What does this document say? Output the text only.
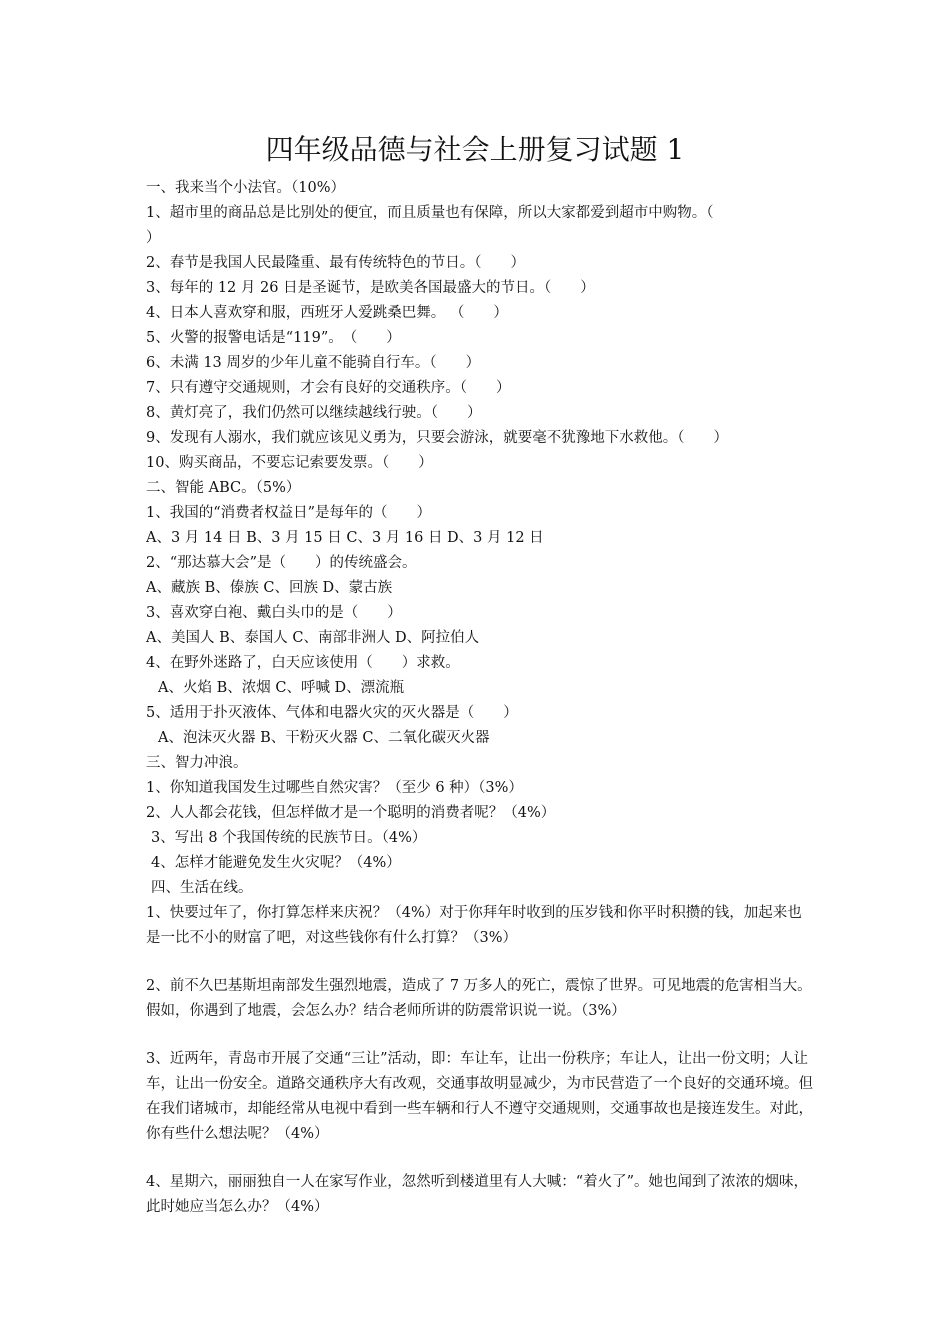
四年级品德与社会上册复习试题 1
一、我来当个小法官。（10%）
1、超市里的商品总是比别处的便宜，而且质量也有保障，所以大家都爱到超市中购物。（
）
2、春节是我国人民最隆重、最有传统特色的节日。（　　）
3、每年的 12 月 26 日是圣诞节，是欧美各国最盛大的节日。（　　）
4、日本人喜欢穿和服，西班牙人爱跳桑巴舞。 （　　）
5、火警的报警电话是“119”。　（　　）
6、未满 13 周岁的少年儿童不能骑自行车。（　　）
7、只有遵守交通规则，才会有良好的交通秩序。（　　）
8、黄灯亮了，我们仍然可以继续越线行驶。（　　）
9、发现有人溺水，我们就应该见义勇为，只要会游泳，就要毫不犹豫地下水救他。（　　）
10、购买商品，不要忘记索要发票。（　　）
二、智能 ABC。（5%）
1、我国的“消费者权益日”是每年的（　　）
A、3 月 14 日 B、3 月 15 日 C、3 月 16 日 D、3 月 12 日
2、“那达慕大会”是（　　）的传统盛会。
A、藏族 B、傣族 C、回族 D、蒙古族
3、喜欢穿白袍、戴白头巾的是（　　）
A、美国人 B、泰国人 C、南部非洲人 D、阿拉伯人
4、在野外迷路了，白天应该使用（　　）求救。
A、火焰 B、浓烟 C、呼喊 D、漂流瓶
5、适用于扑灭液体、气体和电器火灾的灭火器是（　　）
A、泡沫灭火器 B、干粉灭火器 C、二氧化碳灭火器
三、智力冲浪。
1、你知道我国发生过哪些自然灾害？（至少 6 种）（3%）
2、人人都会花钱，但怎样做才是一个聪明的消费者呢？（4%）
3、写出 8 个我国传统的民族节日。（4%）
4、怎样才能避免发生火灾呢？（4%）
四、生活在线。
1、快要过年了，你打算怎样来庆祝？（4%）对于你拜年时收到的压岁钱和你平时积攒的钱，加起来也是一比不小的财富了吧，对这些钱你有什么打算？（3%）
2、前不久巴基斯坦南部发生强烈地震，造成了 7 万多人的死亡，震惊了世界。可见地震的危害相当大。假如，你遇到了地震，会怎么办？结合老师所讲的防震常识说一说。（3%）
3、近两年，青岛市开展了交通“三让”活动，即：车让车，让出一份秩序；车让人，让出一份文明；人让车，让出一份安全。道路交通秩序大有改观，交通事故明显减少，为市民营造了一个良好的交通环境。但在我们诸城市，却能经常从电视中看到一些车辆和行人不遵守交通规则，交通事故也是接连发生。对此，你有些什么想法呢？（4%）
4、星期六，丽丽独自一人在家写作业，忽然听到楼道里有人大喊：“着火了”。她也闻到了浓浓的烟味，此时她应当怎么办？（4%）
